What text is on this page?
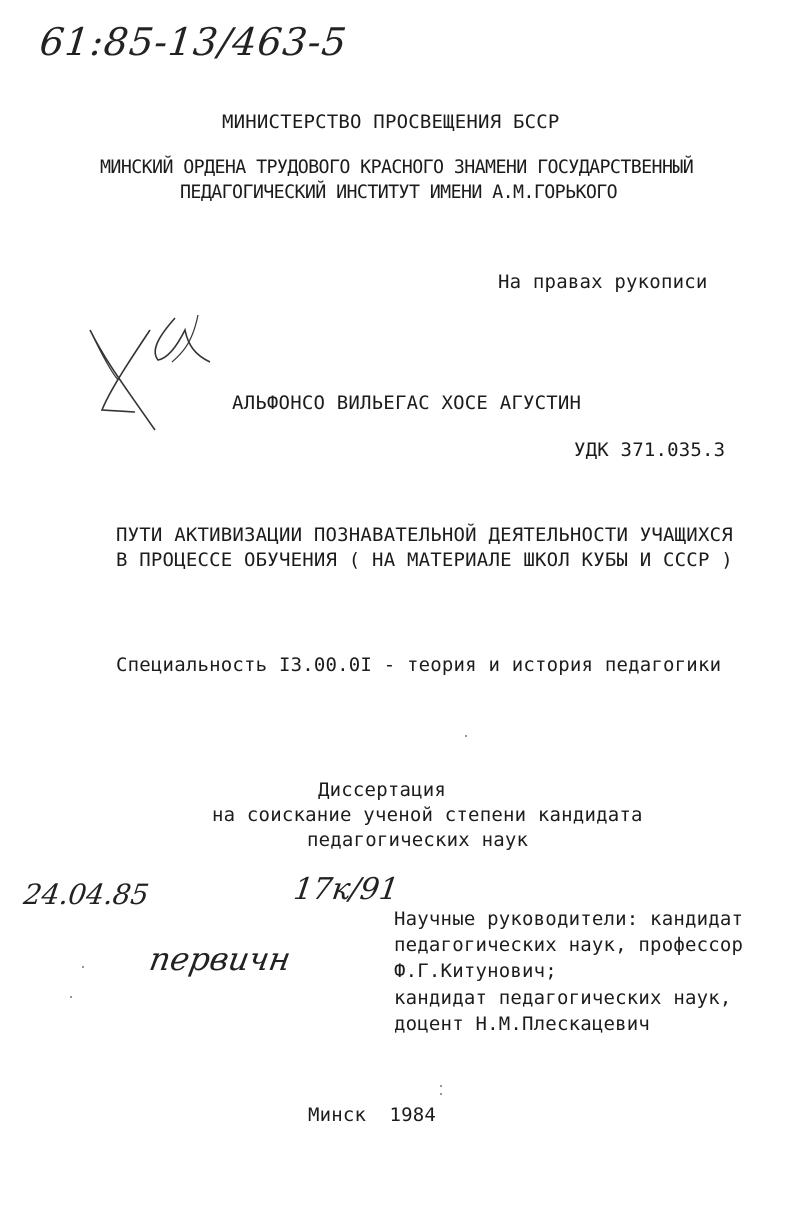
61:85-13/463-5
МИНИСТЕРСТВО ПРОСВЕЩЕНИЯ БССР
МИНСКИЙ ОРДЕНА ТРУДОВОГО КРАСНОГО ЗНАМЕНИ ГОСУДАРСТВЕННЫЙ
ПЕДАГОГИЧЕСКИЙ ИНСТИТУТ ИМЕНИ А.М.ГОРЬКОГО
На правах рукописи
АЛЬФОНСО ВИЛЬЕГАС ХОСЕ АГУСТИН
УДК 371.035.3
ПУТИ АКТИВИЗАЦИИ ПОЗНАВАТЕЛЬНОЙ ДЕЯТЕЛЬНОСТИ УЧАЩИХСЯ
В ПРОЦЕССЕ ОБУЧЕНИЯ ( НА МАТЕРИАЛЕ ШКОЛ КУБЫ И СССР )
Специальность I3.00.0I - теория и история педагогики
Диссертация
на соискание ученой степени кандидата
педагогических наук
24.04.85	17к/91
первичн
Научные руководители: кандидат
педагогических наук, профессор
Ф.Г.Китунович;
кандидат педагогических наук,
доцент Н.М.Плескацевич
Минск  1984
